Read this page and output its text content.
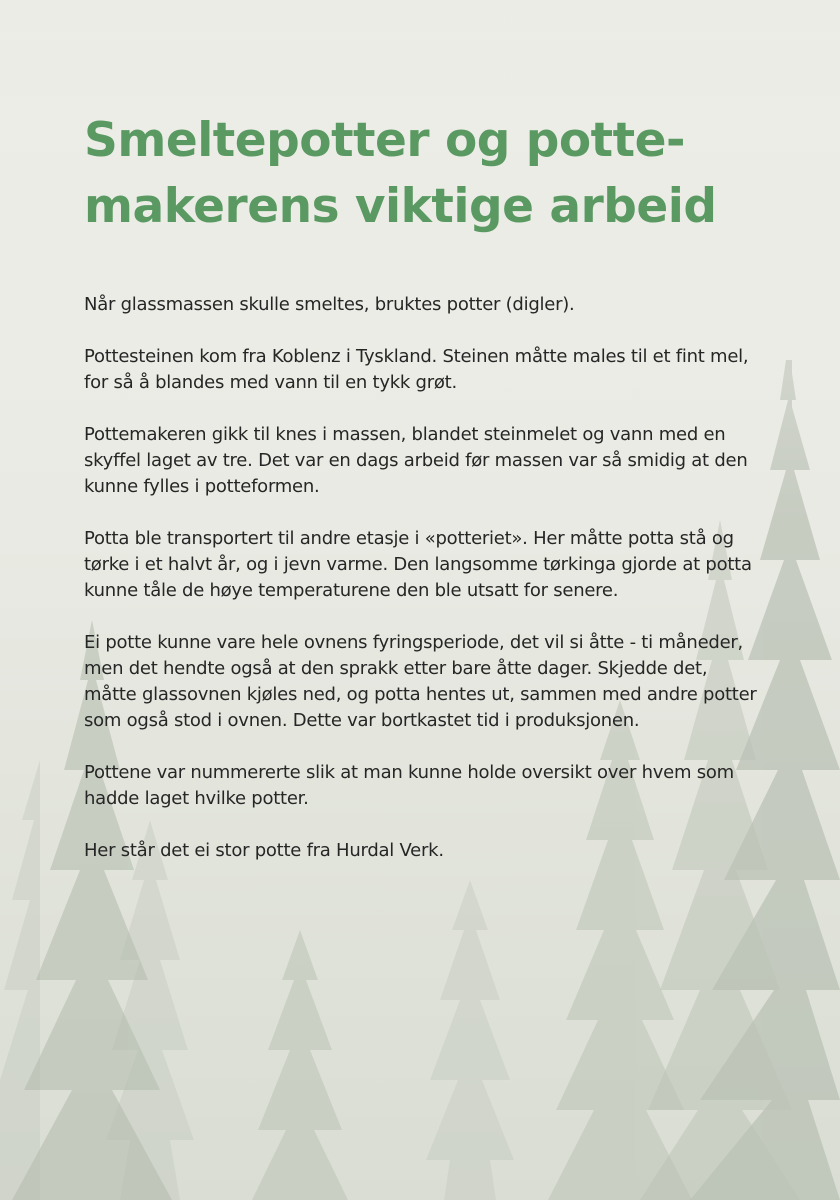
Smeltepotter og potte-makerens viktige arbeid

Når glassmassen skulle smeltes, bruktes potter (digler).

Pottesteinen kom fra Koblenz i Tyskland. Steinen måtte males til et fint mel, for så å blandes med vann til en tykk grøt.

Pottemakeren gikk til knes i massen, blandet steinmelet og vann med en skyffel laget av tre. Det var en dags arbeid før massen var så smidig at den kunne fylles i potteformen.

Potta ble transportert til andre etasje i «potteriet». Her måtte potta stå og tørke i et halvt år, og i jevn varme. Den langsomme tørkinga gjorde at potta kunne tåle de høye temperaturene den ble utsatt for senere.

Ei potte kunne vare hele ovnens fyringsperiode, det vil si åtte - ti måneder, men det hendte også at den sprakk etter bare åtte dager. Skjedde det, måtte glassovnen kjøles ned, og potta hentes ut, sammen med andre potter som også stod i ovnen. Dette var bortkastet tid i produksjonen.

Pottene var nummererte slik at man kunne holde oversikt over hvem som hadde laget hvilke potter.

Her står det ei stor potte fra Hurdal Verk.
